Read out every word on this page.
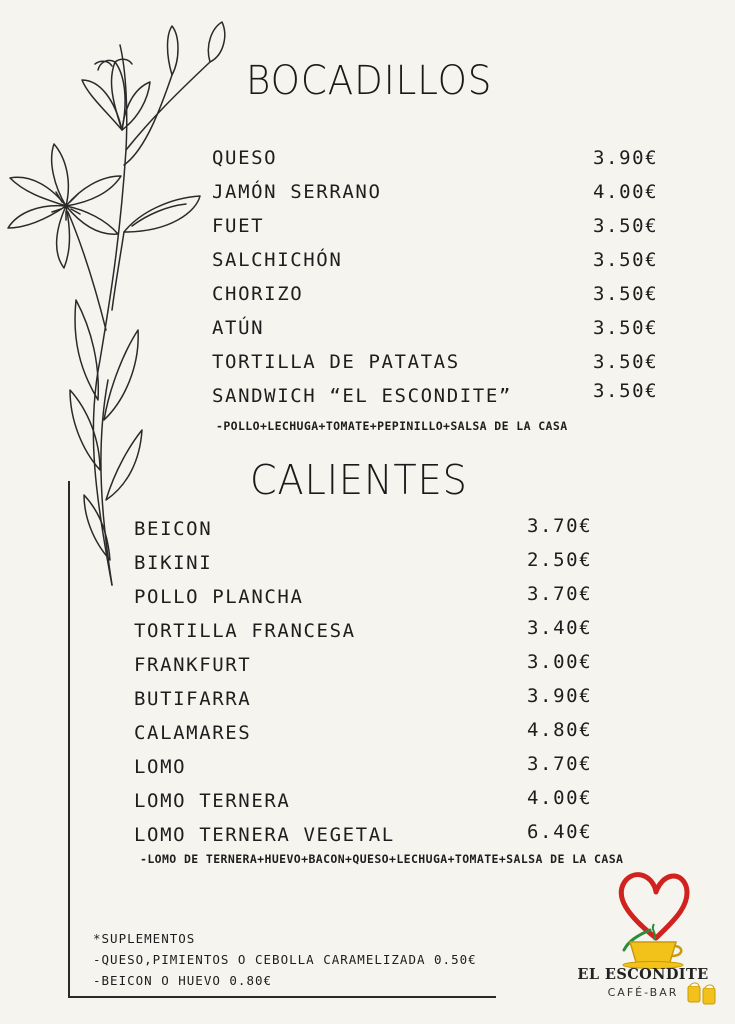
BOCADILLOS
QUESO	3.90€
JAMÓN SERRANO	4.00€
FUET	3.50€
SALCHICHÓN	3.50€
CHORIZO	3.50€
ATÚN	3.50€
TORTILLA DE PATATAS	3.50€
SANDWICH “EL ESCONDITE”	3.50€
-POLLO+LECHUGA+TOMATE+PEPINILLO+SALSA DE LA CASA
CALIENTES
BEICON	3.70€
BIKINI	2.50€
POLLO PLANCHA	3.70€
TORTILLA FRANCESA	3.40€
FRANKFURT	3.00€
BUTIFARRA	3.90€
CALAMARES	4.80€
LOMO	3.70€
LOMO TERNERA	4.00€
LOMO TERNERA VEGETAL	6.40€
-LOMO DE TERNERA+HUEVO+BACON+QUESO+LECHUGA+TOMATE+SALSA DE LA CASA
*SUPLEMENTOS
-QUESO,PIMIENTOS O CEBOLLA CARAMELIZADA 0.50€
-BEICON O HUEVO 0.80€	EL ESCONDITE
CAFÉ-BAR
